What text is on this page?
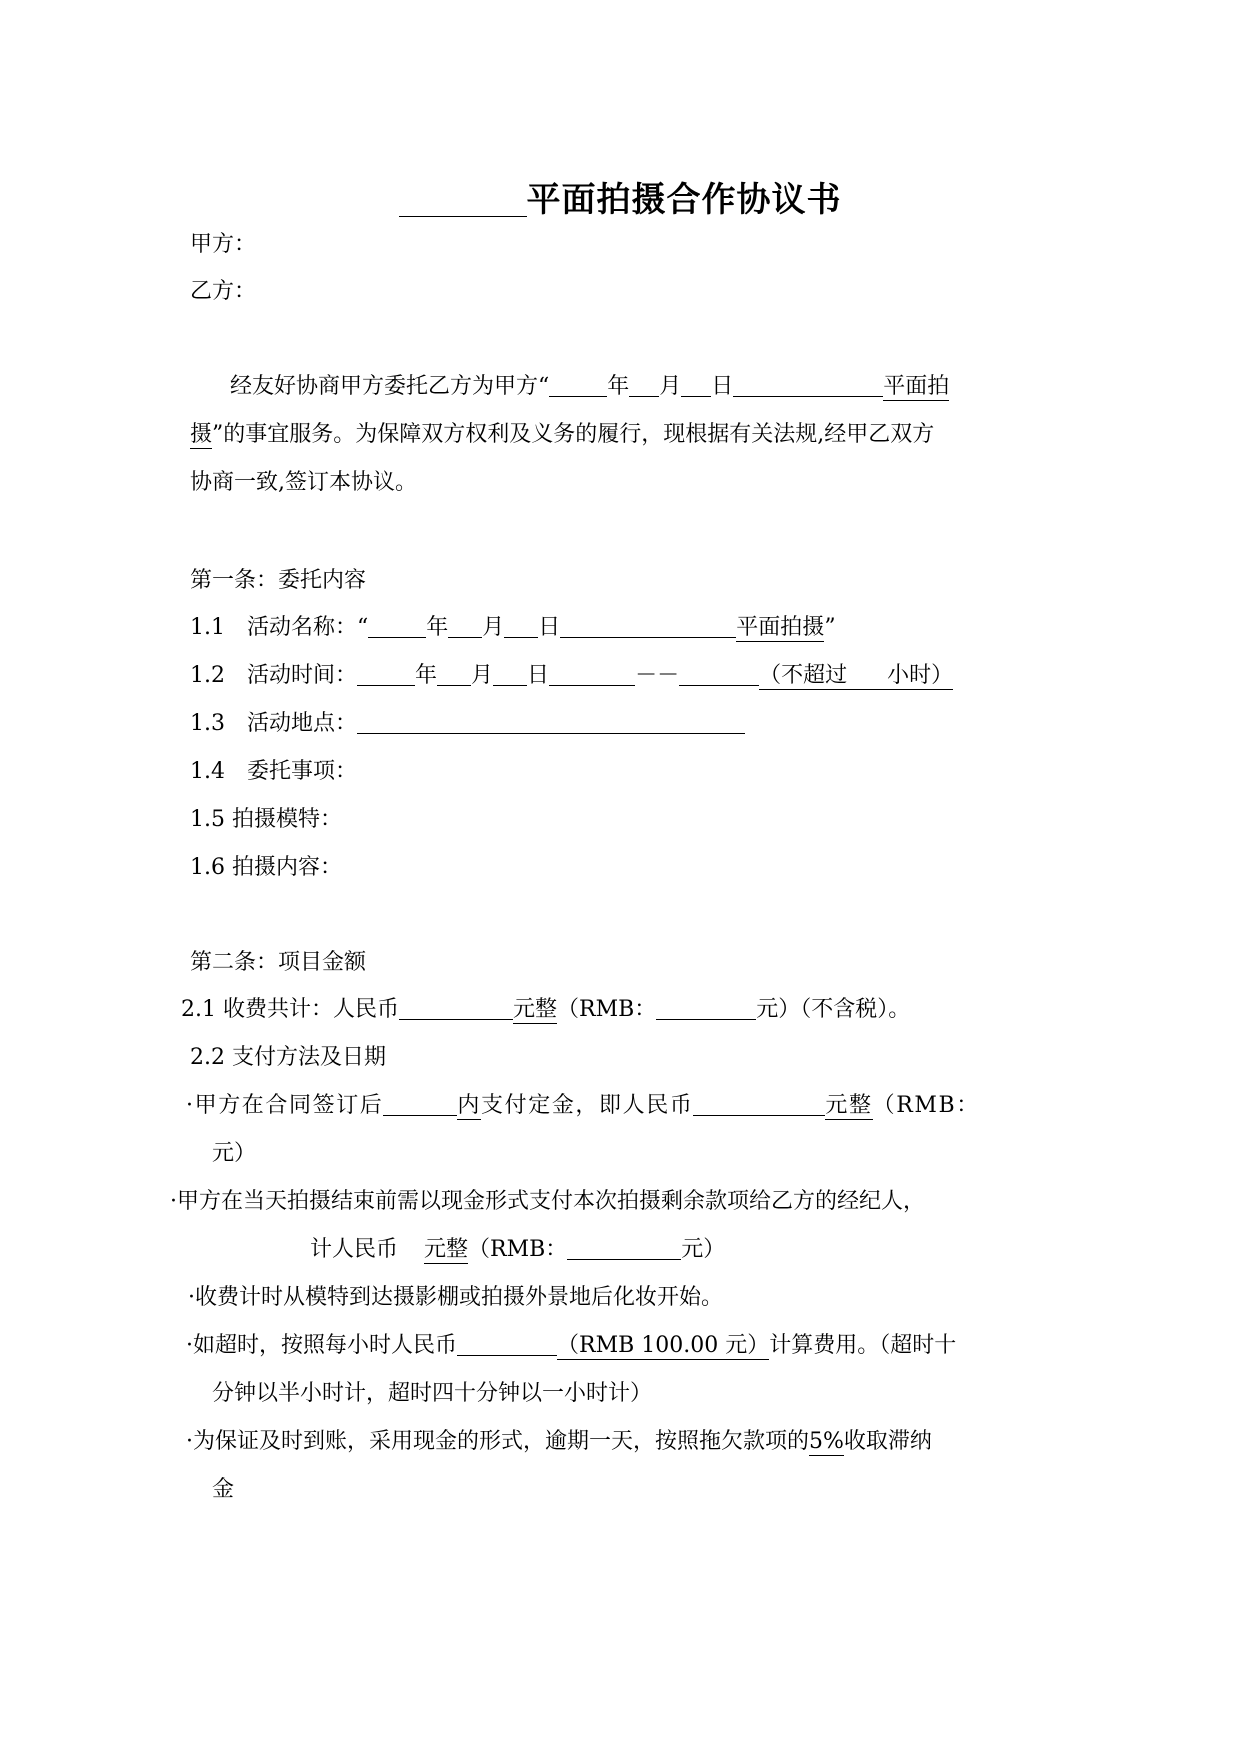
平面拍摄合作协议书
甲方：
乙方：
经友好协商甲方委托乙方为甲方“	年 月 日	平面拍
摄”的事宜服务。为保障双方权利及义务的履行，现根据有关法规,经甲乙双方
协商一致,签订本协议。
第一条：委托内容
1.1 活动名称：“	年 月 日	平面拍摄”
1.2 活动时间：	年 月 日	－－	（不超过 小时）
1.3 活动地点：
1.4 委托事项：
1.5 拍摄模特：
1.6 拍摄内容：
第二条：项目金额
2.1 收费共计：人民币	元整（RMB：	元）（不含税）。
2.2 支付方法及日期
·甲方在合同签订后	内支付定金，即人民币	元整（RMB：
元）
·甲方在当天拍摄结束前需以现金形式支付本次拍摄剩余款项给乙方的经纪人，
计人民币 元整（RMB：	元）
·收费计时从模特到达摄影棚或拍摄外景地后化妆开始。
·如超时，按照每小时人民币	（RMB 100.00 元）计算费用。（超时十
分钟以半小时计，超时四十分钟以一小时计）
·为保证及时到账，采用现金的形式，逾期一天，按照拖欠款项的5%收取滞纳
金
